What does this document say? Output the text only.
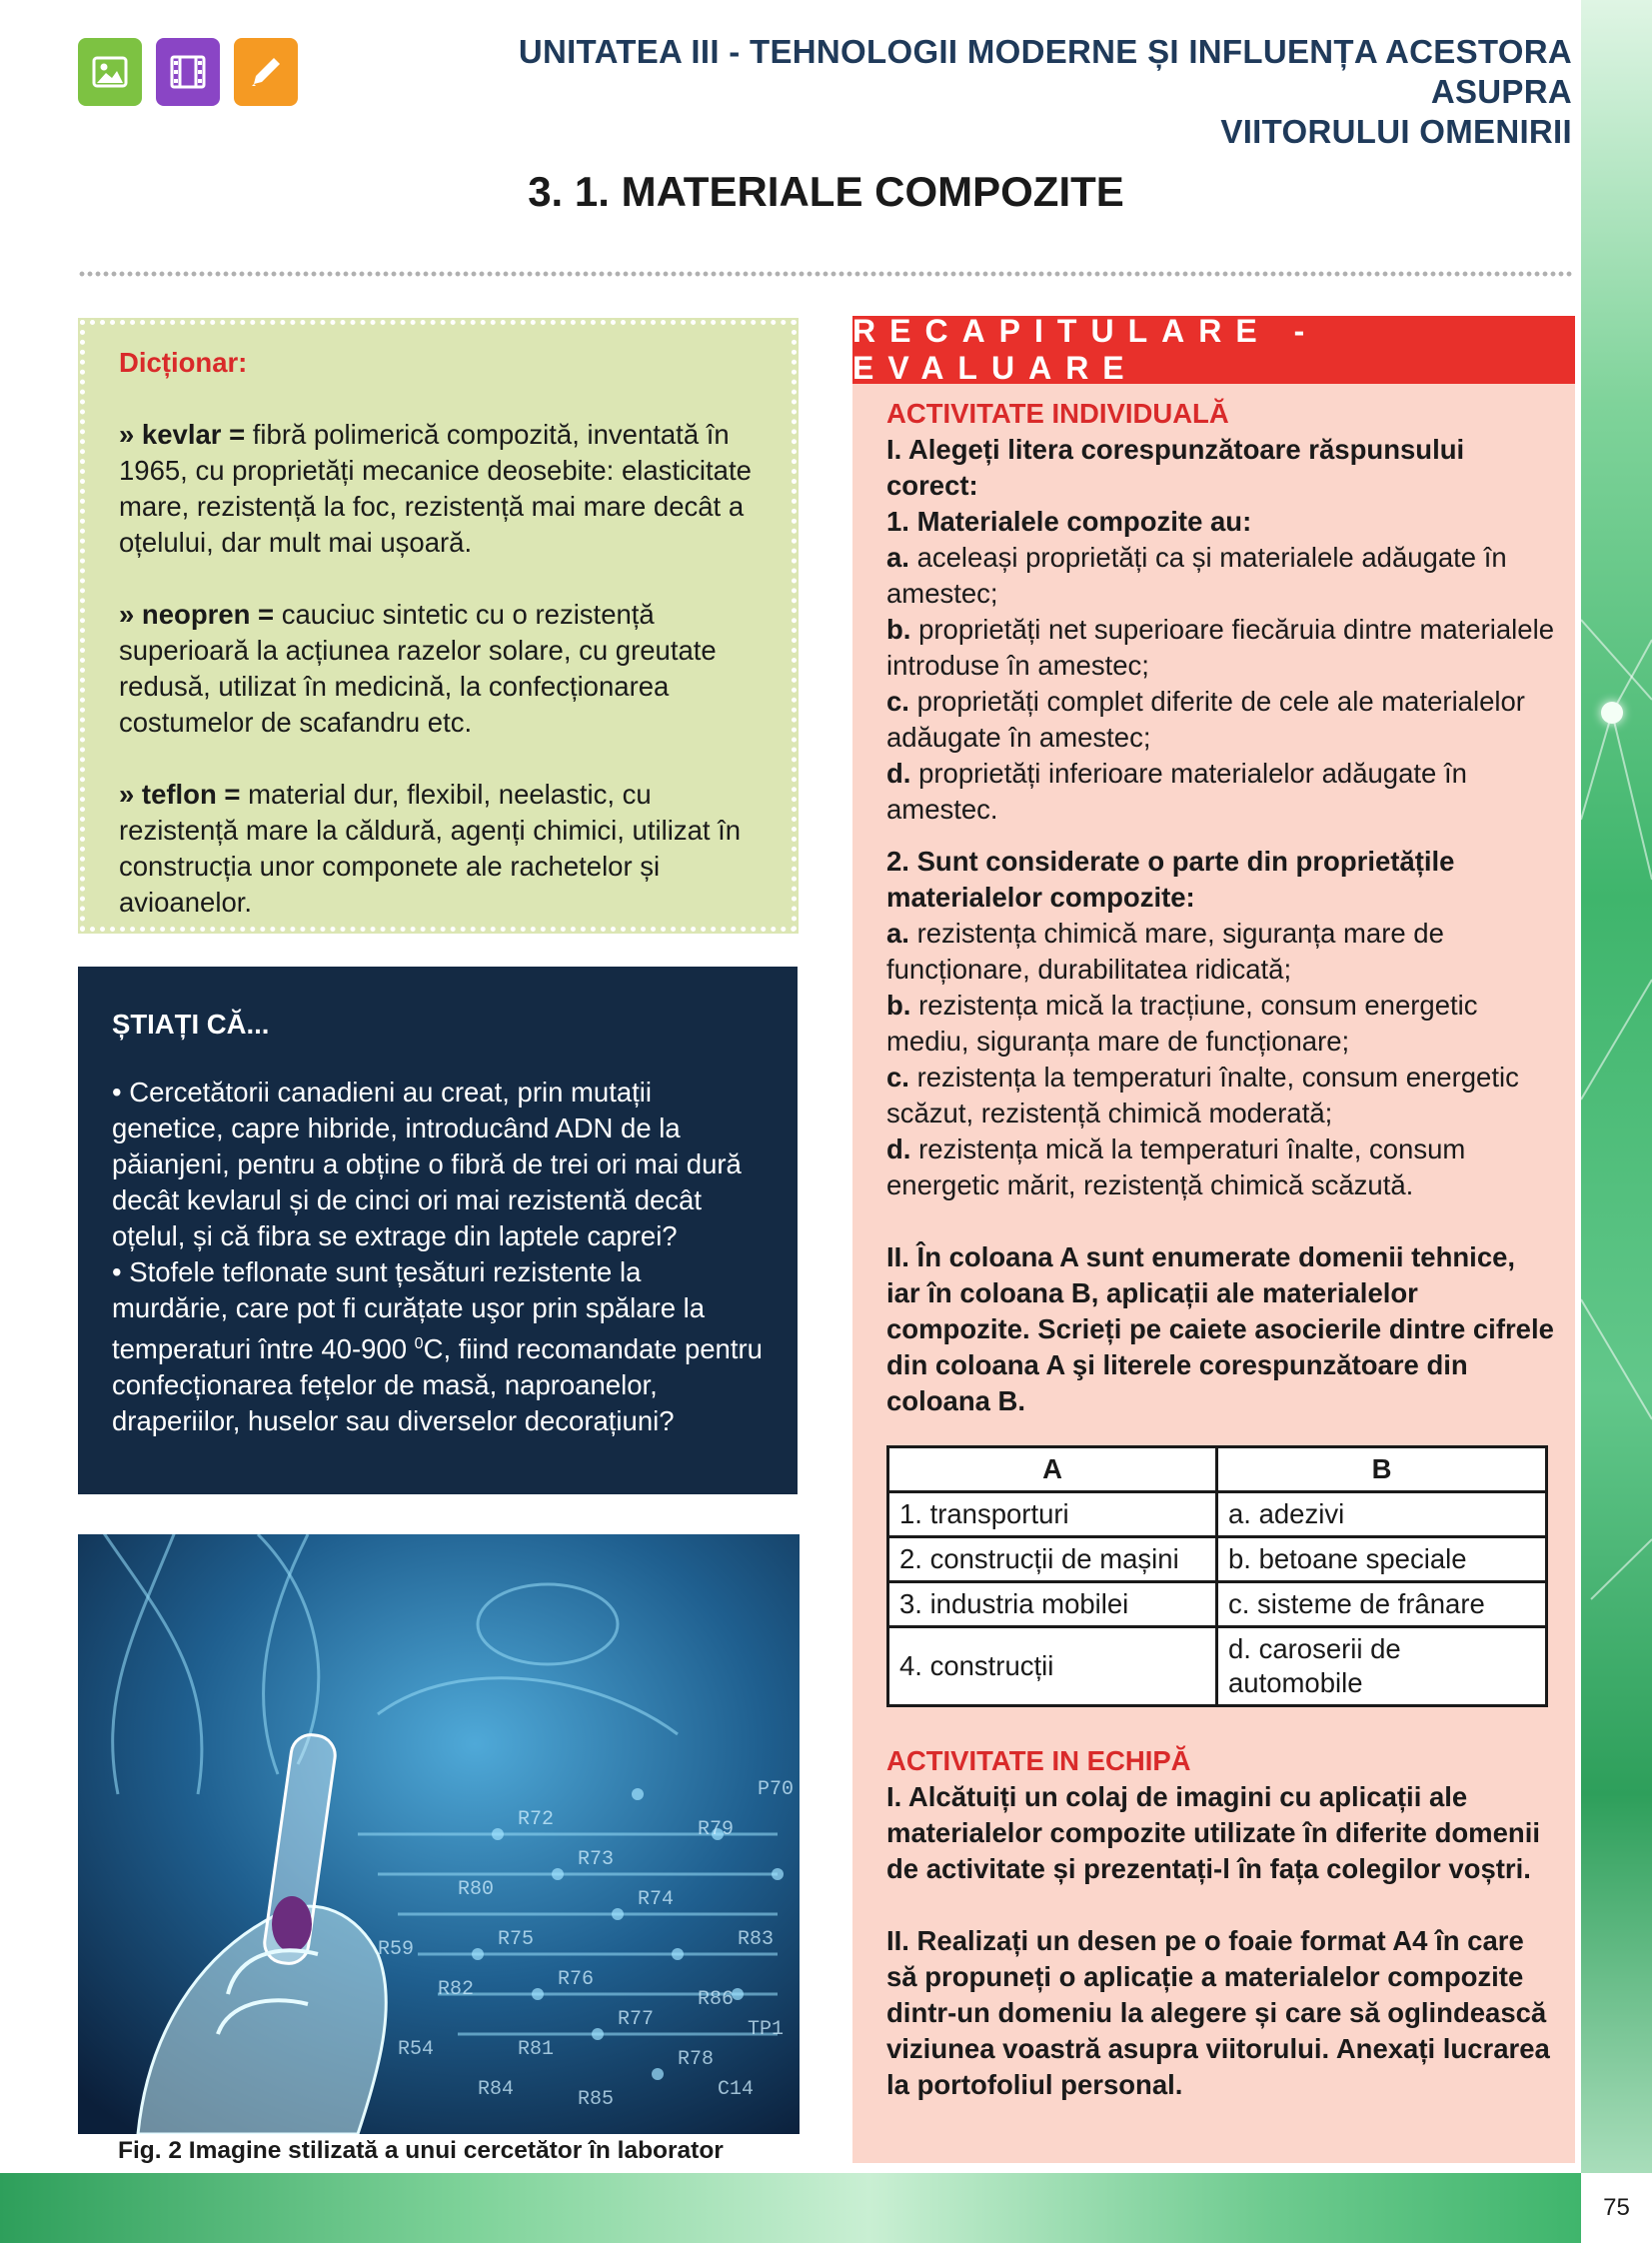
75
UNITATEA III - TEHNOLOGII MODERNE ȘI INFLUENȚA ACESTORA ASUPRA
VIITORULUI OMENIRII
3. 1. MATERIALE COMPOZITE
Dicționar:

» kevlar = fibră polimerică compozită, inventată în 1965, cu proprietăți mecanice deosebite: elasticitate mare, rezistență la foc, rezistență mai mare decât a oțelului, dar mult mai ușoară.

» neopren = cauciuc sintetic cu o rezistență superioară la acțiunea razelor solare, cu greutate redusă, utilizat în medicină, la confecționarea costumelor de scafandru etc.

» teflon = material dur, flexibil, neelastic, cu rezistență mare la căldură, agenți chimici, utilizat în construcția unor componete ale rachetelor și avioanelor.

ȘTIAȚI CĂ...

• Cercetătorii canadieni au creat, prin mutații genetice, capre hibride, introducând ADN de la păianjeni, pentru a obține o fibră de trei ori mai dură decât kevlarul și de cinci ori mai rezistentă decât oțelul, și că fibra se extrage din laptele caprei?

• Stofele teflonate sunt țesături rezistente la murdărie, care pot fi curățate uşor prin spălare la temperaturi între 40-900 $^0$C, fiind recomandate pentru confecționarea fețelor de masă, naproanelor, draperiilor, huselor sau diverselor decorațiuni?

R72
R73
R74
R75
R76
R77
R78
R79
R80
R81
R82
R83
R84	R85
R86
C14
P70
TP1
R59
R54
Fig. 2 Imagine stilizată a unui cercetător în laborator
RECAPITULARE - EVALUARE
ACTIVITATE INDIVIDUALĂ
I. Alegeți litera corespunzătoare răspunsului corect:
1. Materialele compozite au:

a. aceleași proprietăți ca și materialele adăugate în amestec;

b. proprietăți net superioare fiecăruia dintre materialele introduse în amestec;

c. proprietăți complet diferite de cele ale materialelor adăugate în amestec;

d. proprietăți inferioare materialelor adăugate în amestec.

2. Sunt considerate o parte din proprietățile materialelor compozite:

a. rezistența chimică mare, siguranța mare de funcționare, durabilitatea ridicată;

b. rezistența mică la tracțiune, consum energetic mediu, siguranța mare de funcționare;

c. rezistența la temperaturi înalte, consum energetic scăzut, rezistență chimică moderată;

d. rezistența mică la temperaturi înalte, consum energetic mărit, rezistență chimică scăzută.

II. În coloana A sunt enumerate domenii tehnice, iar în coloana B, aplicații ale materialelor compozite. Scrieți pe caiete asocierile dintre cifrele din coloana A şi literele corespunzătoare din coloana B.
A	B
1. transporturi	a. adezivi
2. construcții de mașini	b. betoane speciale
3. industria mobilei	c. sisteme de frânare
4. construcții	d. caroserii de automobile
ACTIVITATE IN ECHIPĂ
I. Alcătuiți un colaj de imagini cu aplicații ale materialelor compozite utilizate în diferite domenii de activitate și prezentați-l în fața colegilor voștri.
II. Realizați un desen pe o foaie format A4 în care să propuneți o aplicație a materialelor compozite dintr-un domeniu la alegere și care să oglindească viziunea voastră asupra viitorului. Anexați lucrarea la portofoliul personal.
